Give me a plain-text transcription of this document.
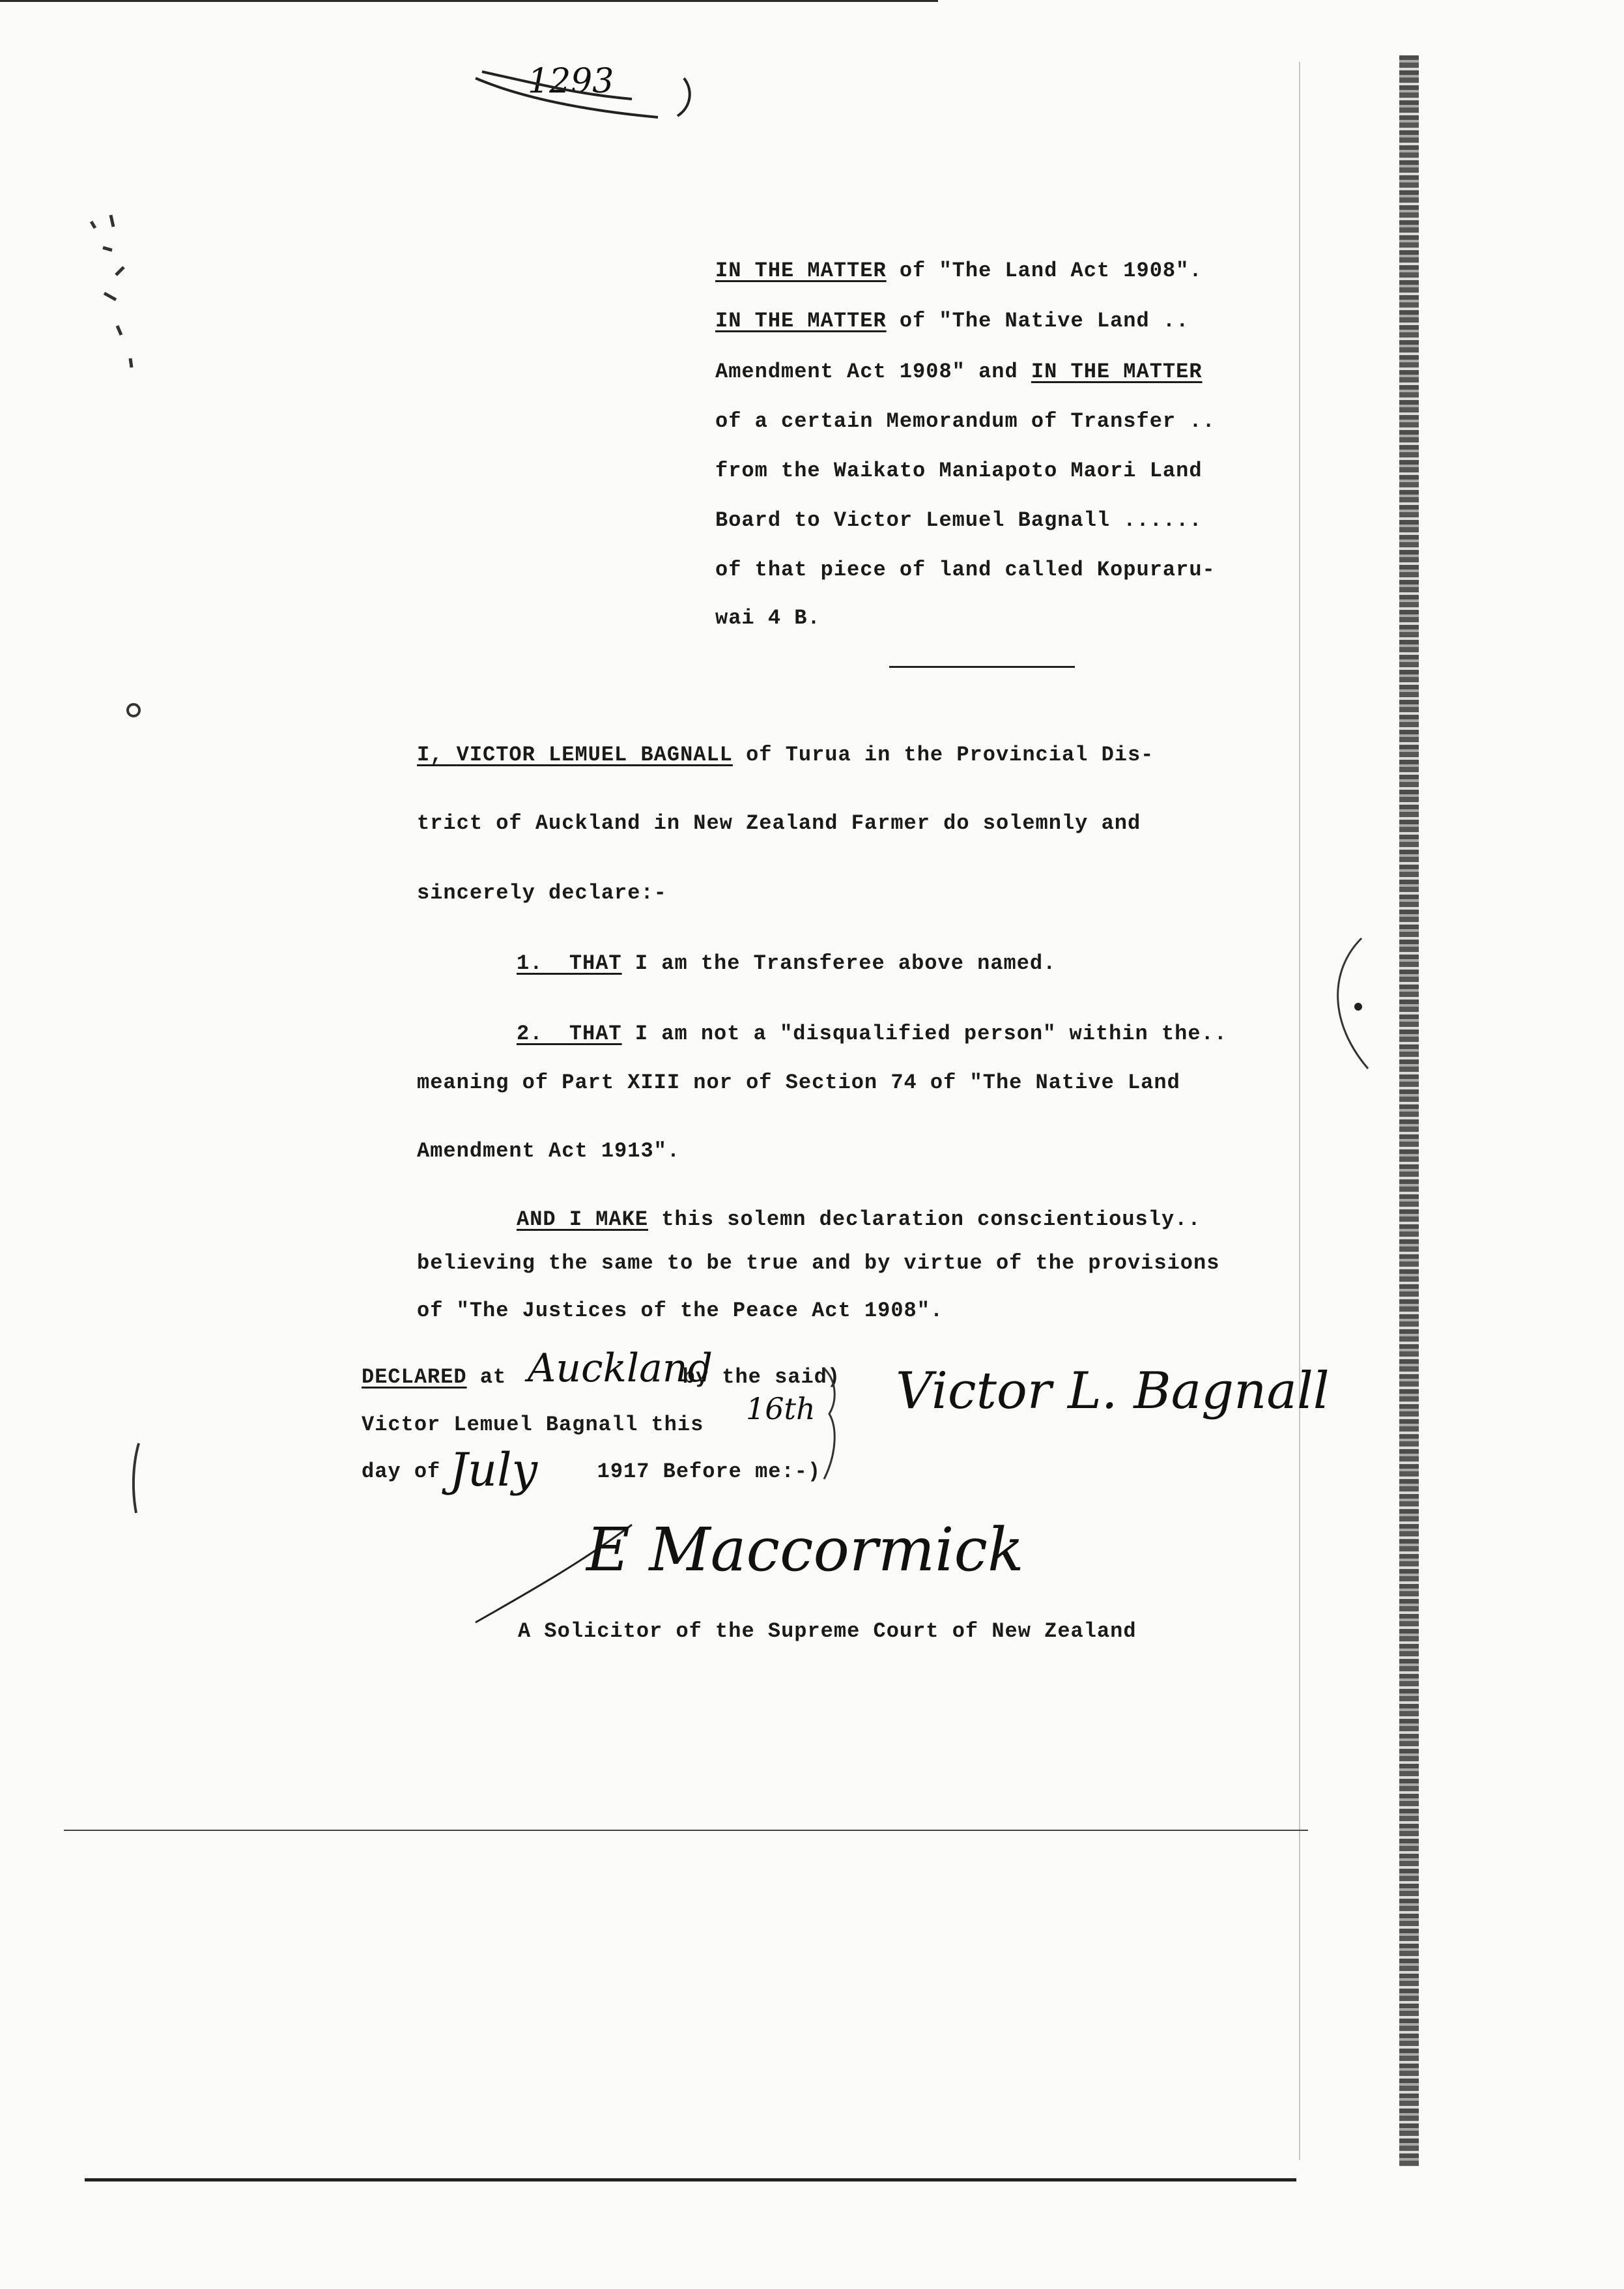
1293
IN THE MATTER of "The Land Act 1908".
IN THE MATTER of "The Native Land ..
Amendment Act 1908" and IN THE MATTER
of a certain Memorandum of Transfer ..
from the Waikato Maniapoto Maori Land
Board to Victor Lemuel Bagnall ......
of that piece of land called Kopuraru-
wai 4 B.
I, VICTOR LEMUEL BAGNALL of Turua in the Provincial Dis-
trict of Auckland in New Zealand Farmer do solemnly and
sincerely declare:-
1.  THAT I am the Transferee above named.
2.  THAT I am not a "disqualified person" within the..
meaning of Part XIII nor of Section 74 of "The Native Land
Amendment Act 1913".
AND I MAKE this solemn declaration conscientiously..
believing the same to be true and by virtue of the provisions
of "The Justices of the Peace Act 1908".
DECLARED at	by the said)
Auckland
Victor Lemuel Bagnall this 16th
day of	1917 Before me:-)
July
Victor L. Bagnall
E Maccormick
A Solicitor of the Supreme Court of New Zealand
